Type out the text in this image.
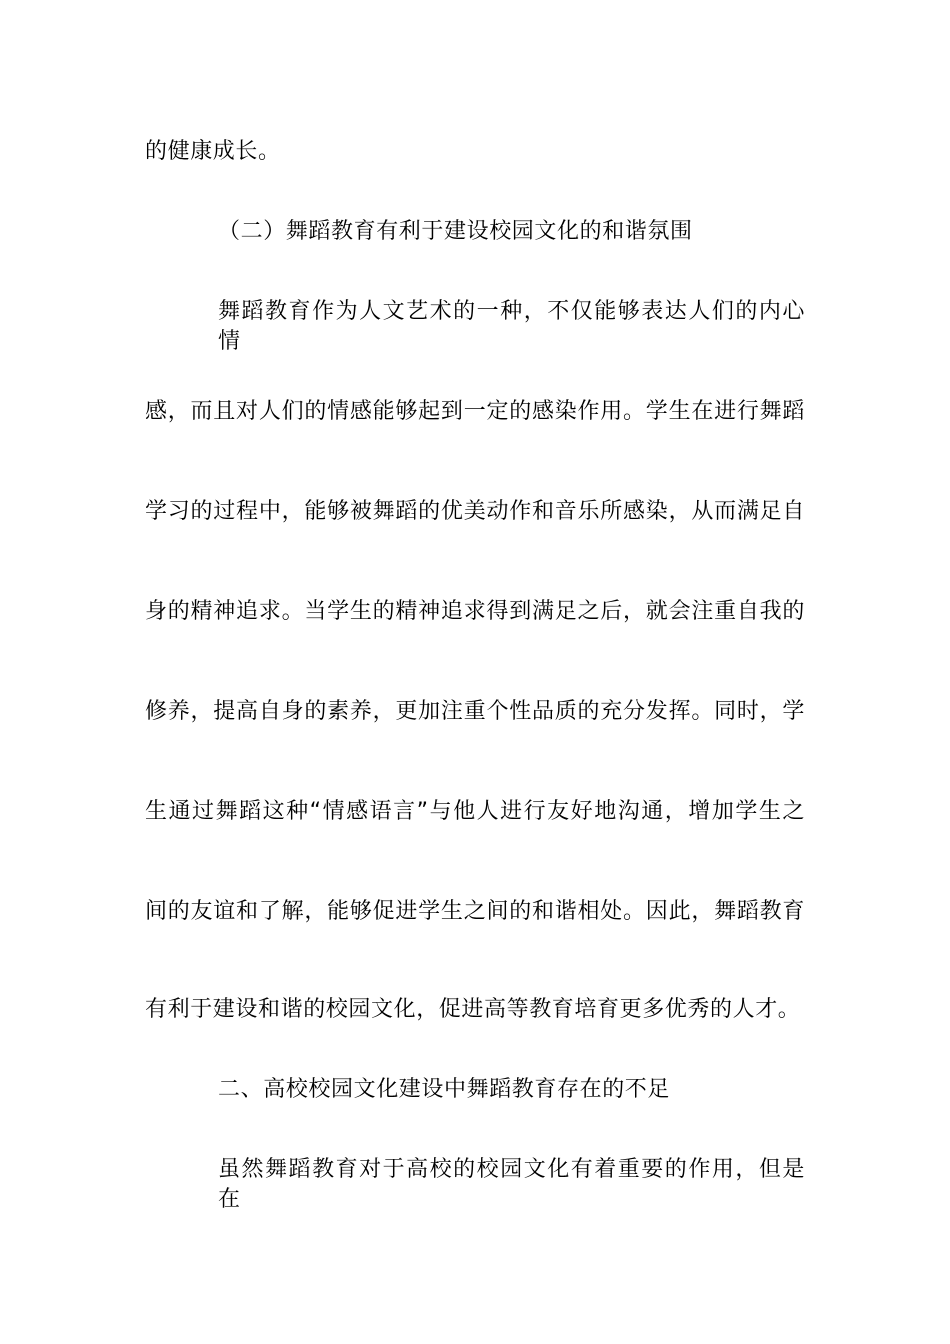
的健康成长。
（二）舞蹈教育有利于建设校园文化的和谐氛围
舞蹈教育作为人文艺术的一种，不仅能够表达人们的内心情
感，而且对人们的情感能够起到一定的感染作用。学生在进行舞蹈
学习的过程中，能够被舞蹈的优美动作和音乐所感染，从而满足自
身的精神追求。当学生的精神追求得到满足之后，就会注重自我的
修养，提高自身的素养，更加注重个性品质的充分发挥。同时，学
生通过舞蹈这种“情感语言”与他人进行友好地沟通，增加学生之
间的友谊和了解，能够促进学生之间的和谐相处。因此，舞蹈教育
有利于建设和谐的校园文化，促进高等教育培育更多优秀的人才。
二、高校校园文化建设中舞蹈教育存在的不足
虽然舞蹈教育对于高校的校园文化有着重要的作用，但是在
